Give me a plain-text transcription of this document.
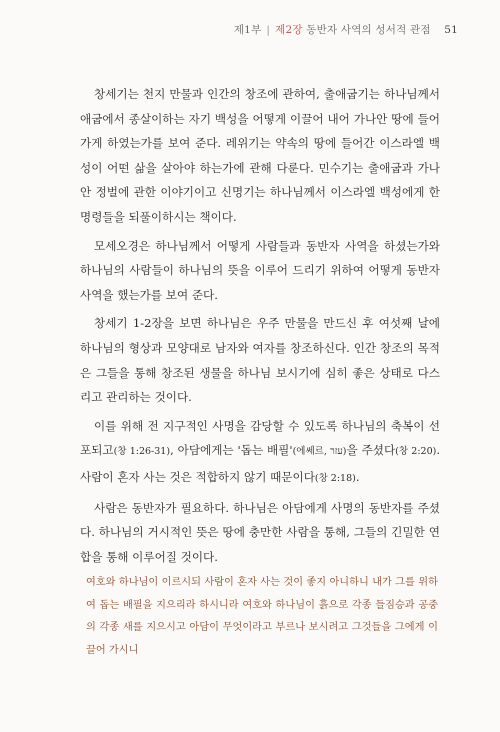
제1부 | 제2장 동반자 사역의 성서적 관점 51

창세기는 천지 만물과 인간의 창조에 관하여, 출애굽기는 하나님께서 애굽에서 종살이하는 자기 백성을 어떻게 이끌어 내어 가나안 땅에 들어가게 하였는가를 보여 준다. 레위기는 약속의 땅에 들어간 이스라엘 백성이 어떤 삶을 살아야 하는가에 관해 다룬다. 민수기는 출애굽과 가나안 정벌에 관한 이야기이고 신명기는 하나님께서 이스라엘 백성에게 한 명령들을 되풀이하시는 책이다.

모세오경은 하나님께서 어떻게 사람들과 동반자 사역을 하셨는가와 하나님의 사람들이 하나님의 뜻을 이루어 드리기 위하여 어떻게 동반자 사역을 했는가를 보여 준다.

창세기 1-2장을 보면 하나님은 우주 만물을 만드신 후 여섯째 날에 하나님의 형상과 모양대로 남자와 여자를 창조하신다. 인간 창조의 목적은 그들을 통해 창조된 생물을 하나님 보시기에 심히 좋은 상태로 다스리고 관리하는 것이다.

이를 위해 전 지구적인 사명을 감당할 수 있도록 하나님의 축복이 선포되고(창 1:26-31), 아담에게는 '돕는 배필'(에쎄르, עזר)을 주셨다(창 2:20). 사람이 혼자 사는 것은 적합하지 않기 때문이다(창 2:18).

사람은 동반자가 필요하다. 하나님은 아담에게 사명의 동반자를 주셨다. 하나님의 거시적인 뜻은 땅에 충만한 사람을 통해, 그들의 긴밀한 연합을 통해 이루어질 것이다.

여호와 하나님이 이르시되 사람이 혼자 사는 것이 좋지 아니하니 내가 그를 위하여 돕는 배필을 지으리라 하시니라 여호와 하나님이 흙으로 각종 들짐승과 공중의 각종 새를 지으시고 아담이 무엇이라고 부르나 보시려고 그것들을 그에게 이끌어 가시니
